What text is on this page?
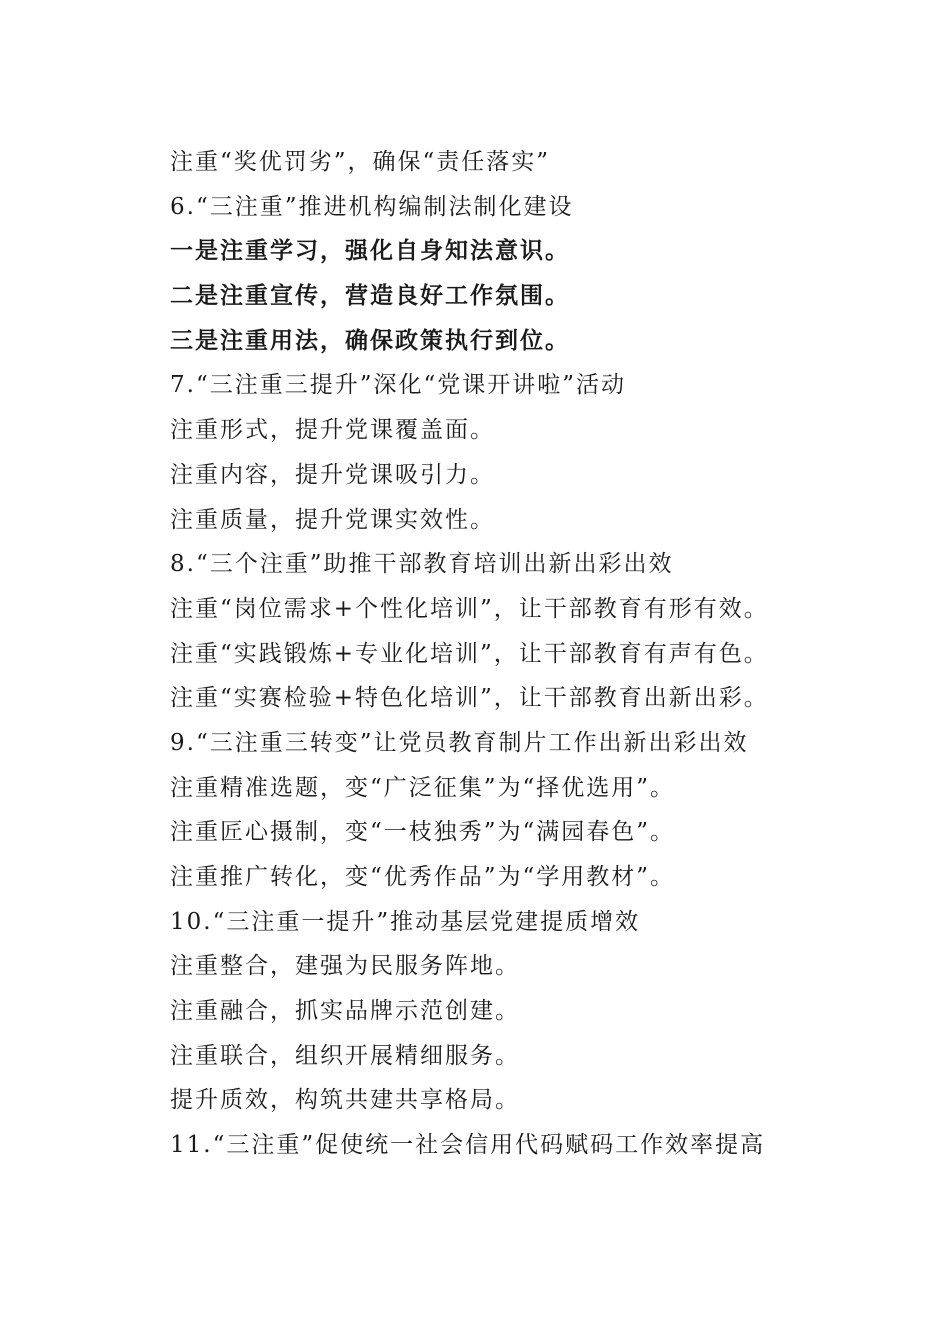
注重“奖优罚劣”，确保“责任落实”
6.“三注重”推进机构编制法制化建设
一是注重学习，强化自身知法意识。
二是注重宣传，营造良好工作氛围。
三是注重用法，确保政策执行到位。
7.“三注重三提升”深化“党课开讲啦”活动
注重形式，提升党课覆盖面。
注重内容，提升党课吸引力。
注重质量，提升党课实效性。
8.“三个注重”助推干部教育培训出新出彩出效
注重“岗位需求+个性化培训”，让干部教育有形有效。
注重“实践锻炼+专业化培训”，让干部教育有声有色。
注重“实赛检验+特色化培训”，让干部教育出新出彩。
9.“三注重三转变”让党员教育制片工作出新出彩出效
注重精准选题，变“广泛征集”为“择优选用”。
注重匠心摄制，变“一枝独秀”为“满园春色”。
注重推广转化，变“优秀作品”为“学用教材”。
10.“三注重一提升”推动基层党建提质增效
注重整合，建强为民服务阵地。
注重融合，抓实品牌示范创建。
注重联合，组织开展精细服务。
提升质效，构筑共建共享格局。
11.“三注重”促使统一社会信用代码赋码工作效率提高
